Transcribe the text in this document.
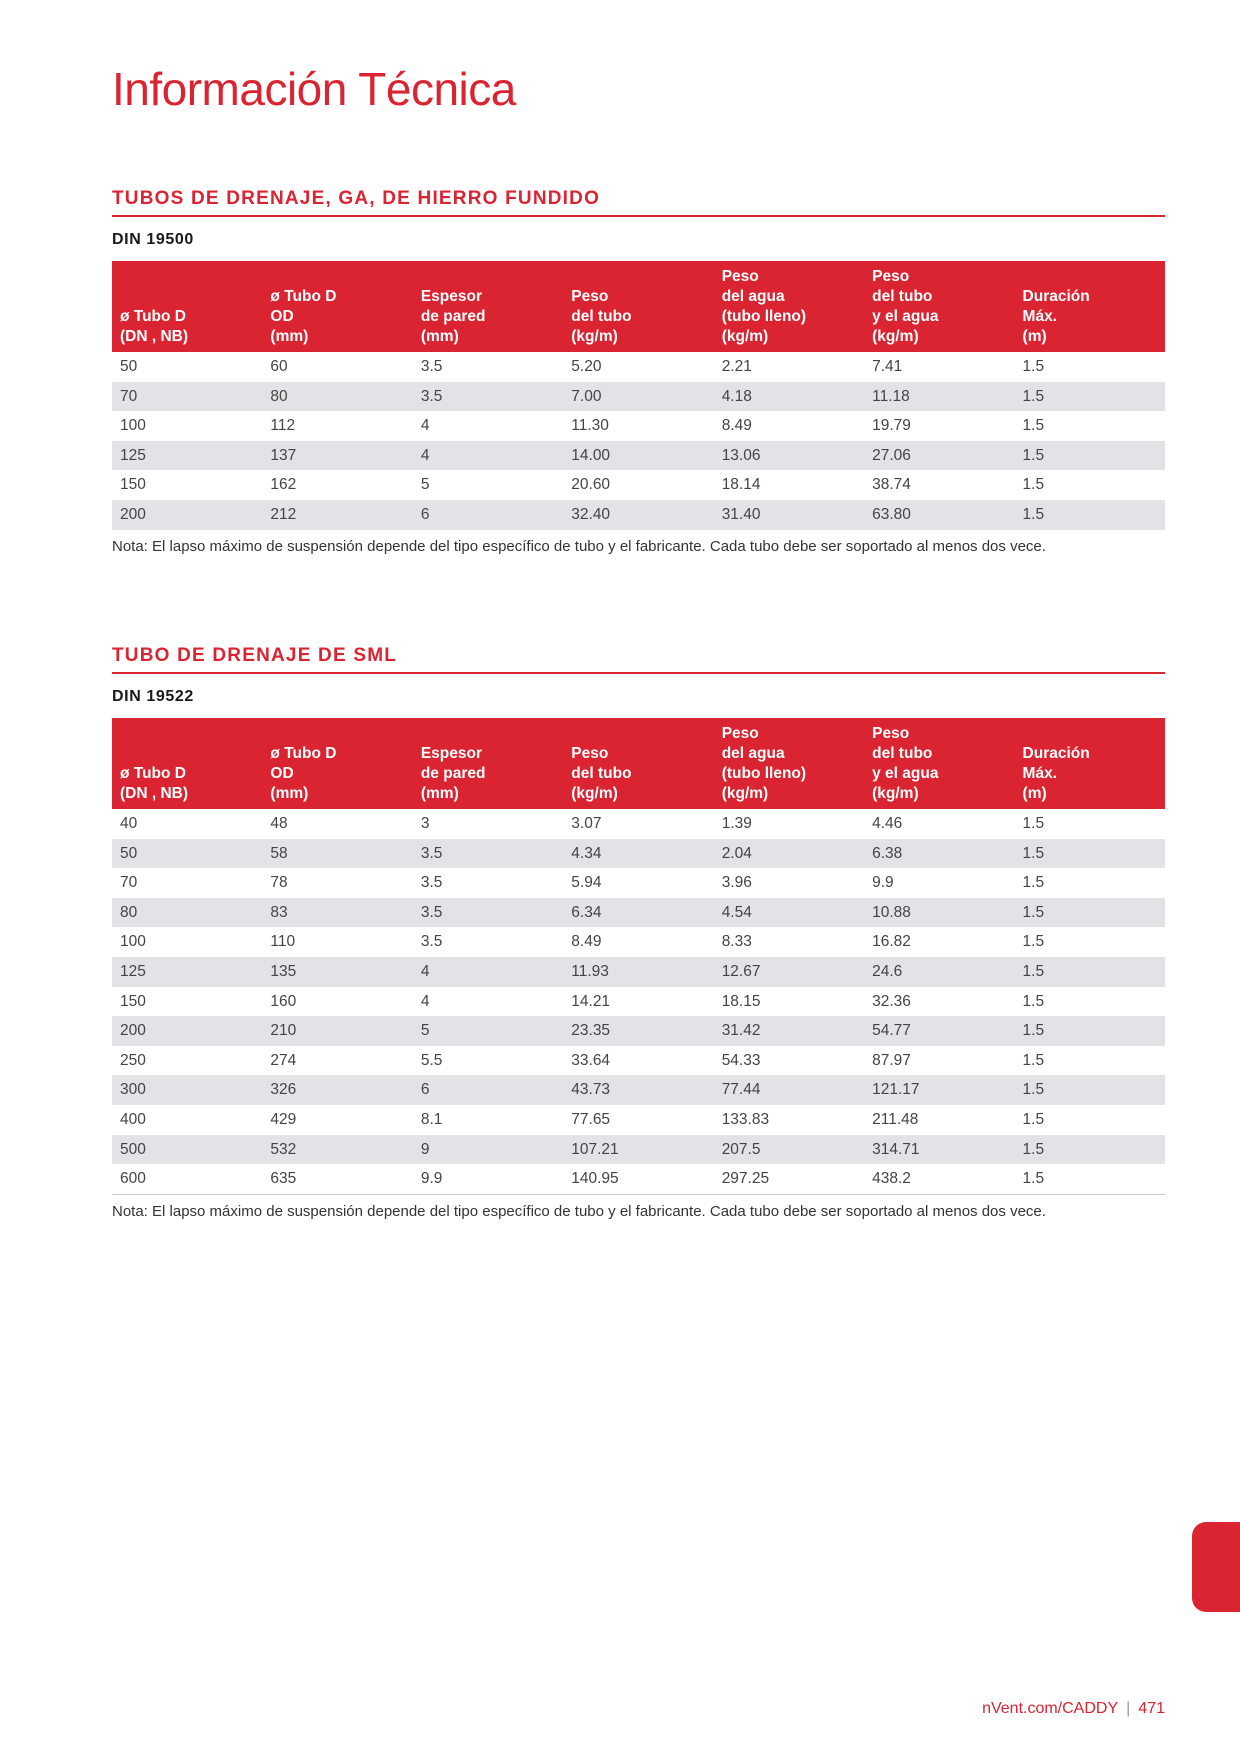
Información Técnica
TUBOS DE DRENAJE, GA, DE HIERRO FUNDIDO
DIN 19500
ø Tubo D
(DN , NB)	ø Tubo D
OD
(mm)	Espesor
de pared
(mm)	Peso
del tubo
(kg/m)	Peso
del agua
(tubo lleno)
(kg/m)	Peso
del tubo
y el agua
(kg/m)	Duración
Máx.
(m)
50	60	3.5	5.20	2.21	7.41	1.5
70	80	3.5	7.00	4.18	11.18	1.5
100	112	4	11.30	8.49	19.79	1.5
125	137	4	14.00	13.06	27.06	1.5
150	162	5	20.60	18.14	38.74	1.5
200	212	6	32.40	31.40	63.80	1.5

Nota: El lapso máximo de suspensión depende del tipo específico de tubo y el fabricante. Cada tubo debe ser soportado al menos dos vece.

TUBO DE DRENAJE DE SML
DIN 19522
ø Tubo D
(DN , NB)	ø Tubo D
OD
(mm)	Espesor
de pared
(mm)	Peso
del tubo
(kg/m)	Peso
del agua
(tubo lleno)
(kg/m)	Peso
del tubo
y el agua
(kg/m)	Duración
Máx.
(m)
40	48	3	3.07	1.39	4.46	1.5
50	58	3.5	4.34	2.04	6.38	1.5
70	78	3.5	5.94	3.96	9.9	1.5
80	83	3.5	6.34	4.54	10.88	1.5
100	110	3.5	8.49	8.33	16.82	1.5
125	135	4	11.93	12.67	24.6	1.5
150	160	4	14.21	18.15	32.36	1.5
200	210	5	23.35	31.42	54.77	1.5
250	274	5.5	33.64	54.33	87.97	1.5
300	326	6	43.73	77.44	121.17	1.5
400	429	8.1	77.65	133.83	211.48	1.5
500	532	9	107.21	207.5	314.71	1.5
600	635	9.9	140.95	297.25	438.2	1.5

Nota: El lapso máximo de suspensión depende del tipo específico de tubo y el fabricante. Cada tubo debe ser soportado al menos dos vece.

nVent.com/CADDY | 471
